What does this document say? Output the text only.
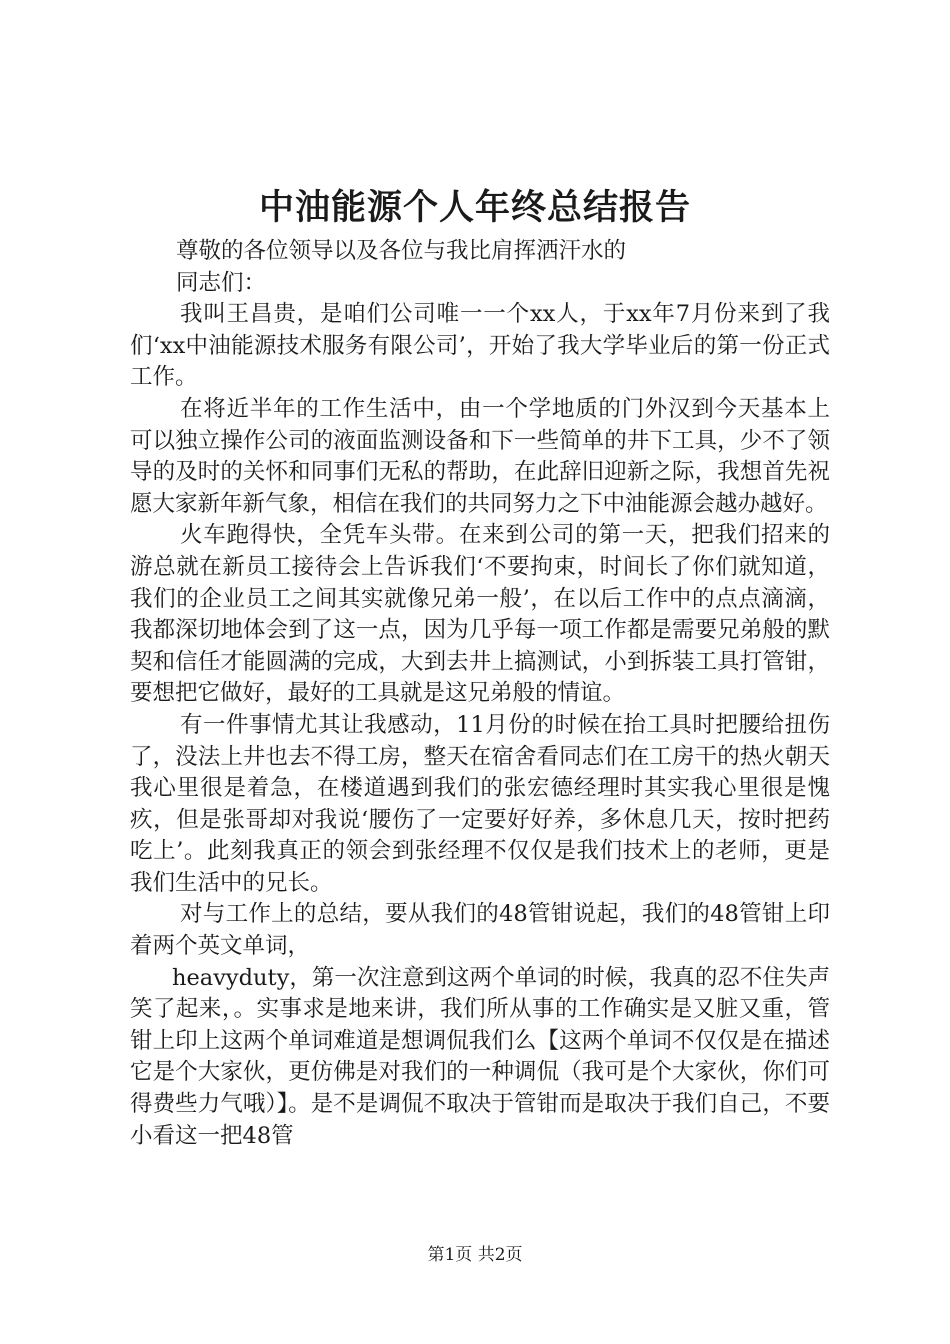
中油能源个人年终总结报告

尊敬的各位领导以及各位与我比肩挥洒汗水的

同志们：

我叫王昌贵，是咱们公司唯一一个xx人，于xx年7月份来到了我们‘xx中油能源技术服务有限公司’，开始了我大学毕业后的第一份正式工作。

在将近半年的工作生活中，由一个学地质的门外汉到今天基本上可以独立操作公司的液面监测设备和下一些简单的井下工具，少不了领导的及时的关怀和同事们无私的帮助，在此辞旧迎新之际，我想首先祝愿大家新年新气象，相信在我们的共同努力之下中油能源会越办越好。

火车跑得快，全凭车头带。在来到公司的第一天，把我们招来的游总就在新员工接待会上告诉我们‘不要拘束，时间长了你们就知道，我们的企业员工之间其实就像兄弟一般’，在以后工作中的点点滴滴，我都深切地体会到了这一点，因为几乎每一项工作都是需要兄弟般的默契和信任才能圆满的完成，大到去井上搞测试，小到拆装工具打管钳，要想把它做好，最好的工具就是这兄弟般的情谊。

有一件事情尤其让我感动，11月份的时候在抬工具时把腰给扭伤了，没法上井也去不得工房，整天在宿舍看同志们在工房干的热火朝天我心里很是着急，在楼道遇到我们的张宏德经理时其实我心里很是愧疚，但是张哥却对我说‘腰伤了一定要好好养，多休息几天，按时把药吃上’。此刻我真正的领会到张经理不仅仅是我们技术上的老师，更是我们生活中的兄长。

对与工作上的总结，要从我们的48管钳说起，我们的48管钳上印着两个英文单词，

heavyduty，第一次注意到这两个单词的时候，我真的忍不住失声笑了起来，。实事求是地来讲，我们所从事的工作确实是又脏又重，管钳上印上这两个单词难道是想调侃我们么【这两个单词不仅仅是在描述它是个大家伙，更仿佛是对我们的一种调侃（我可是个大家伙，你们可得费些力气哦）】。是不是调侃不取决于管钳而是取决于我们自己，不要小看这一把48管

第1页 共2页
